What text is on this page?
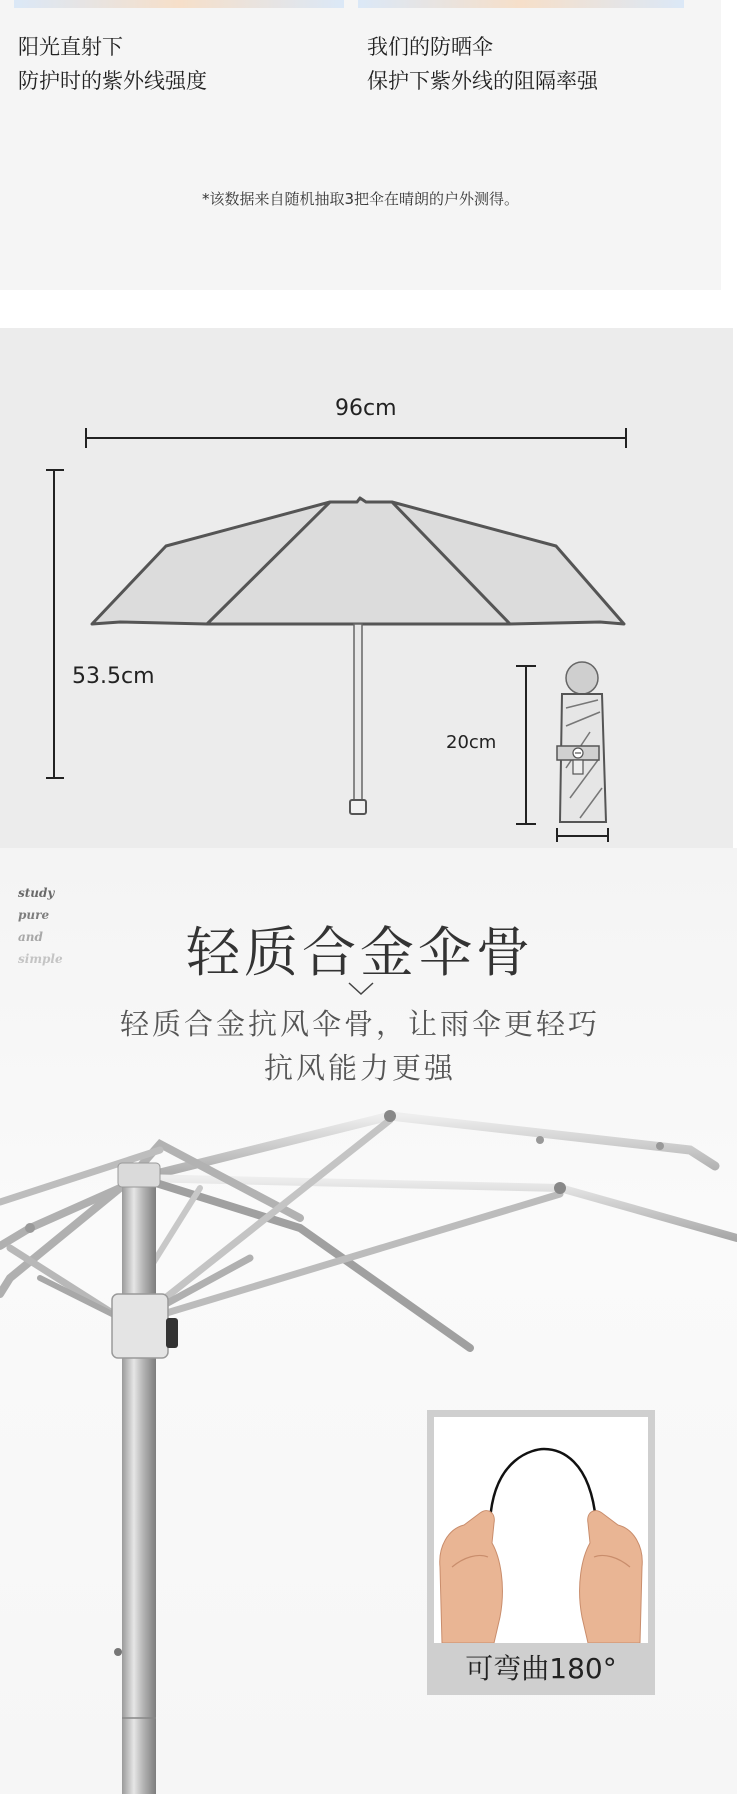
阳光直射下
防护时的紫外线强度
我们的防晒伞
保护下紫外线的阻隔率强
*该数据来自随机抽取3把伞在晴朗的户外测得。
96cm
53.5cm
20cm
study
pure
and
simple	轻质合金伞骨
轻质合金抗风伞骨，让雨伞更轻巧
抗风能力更强
可弯曲180°
